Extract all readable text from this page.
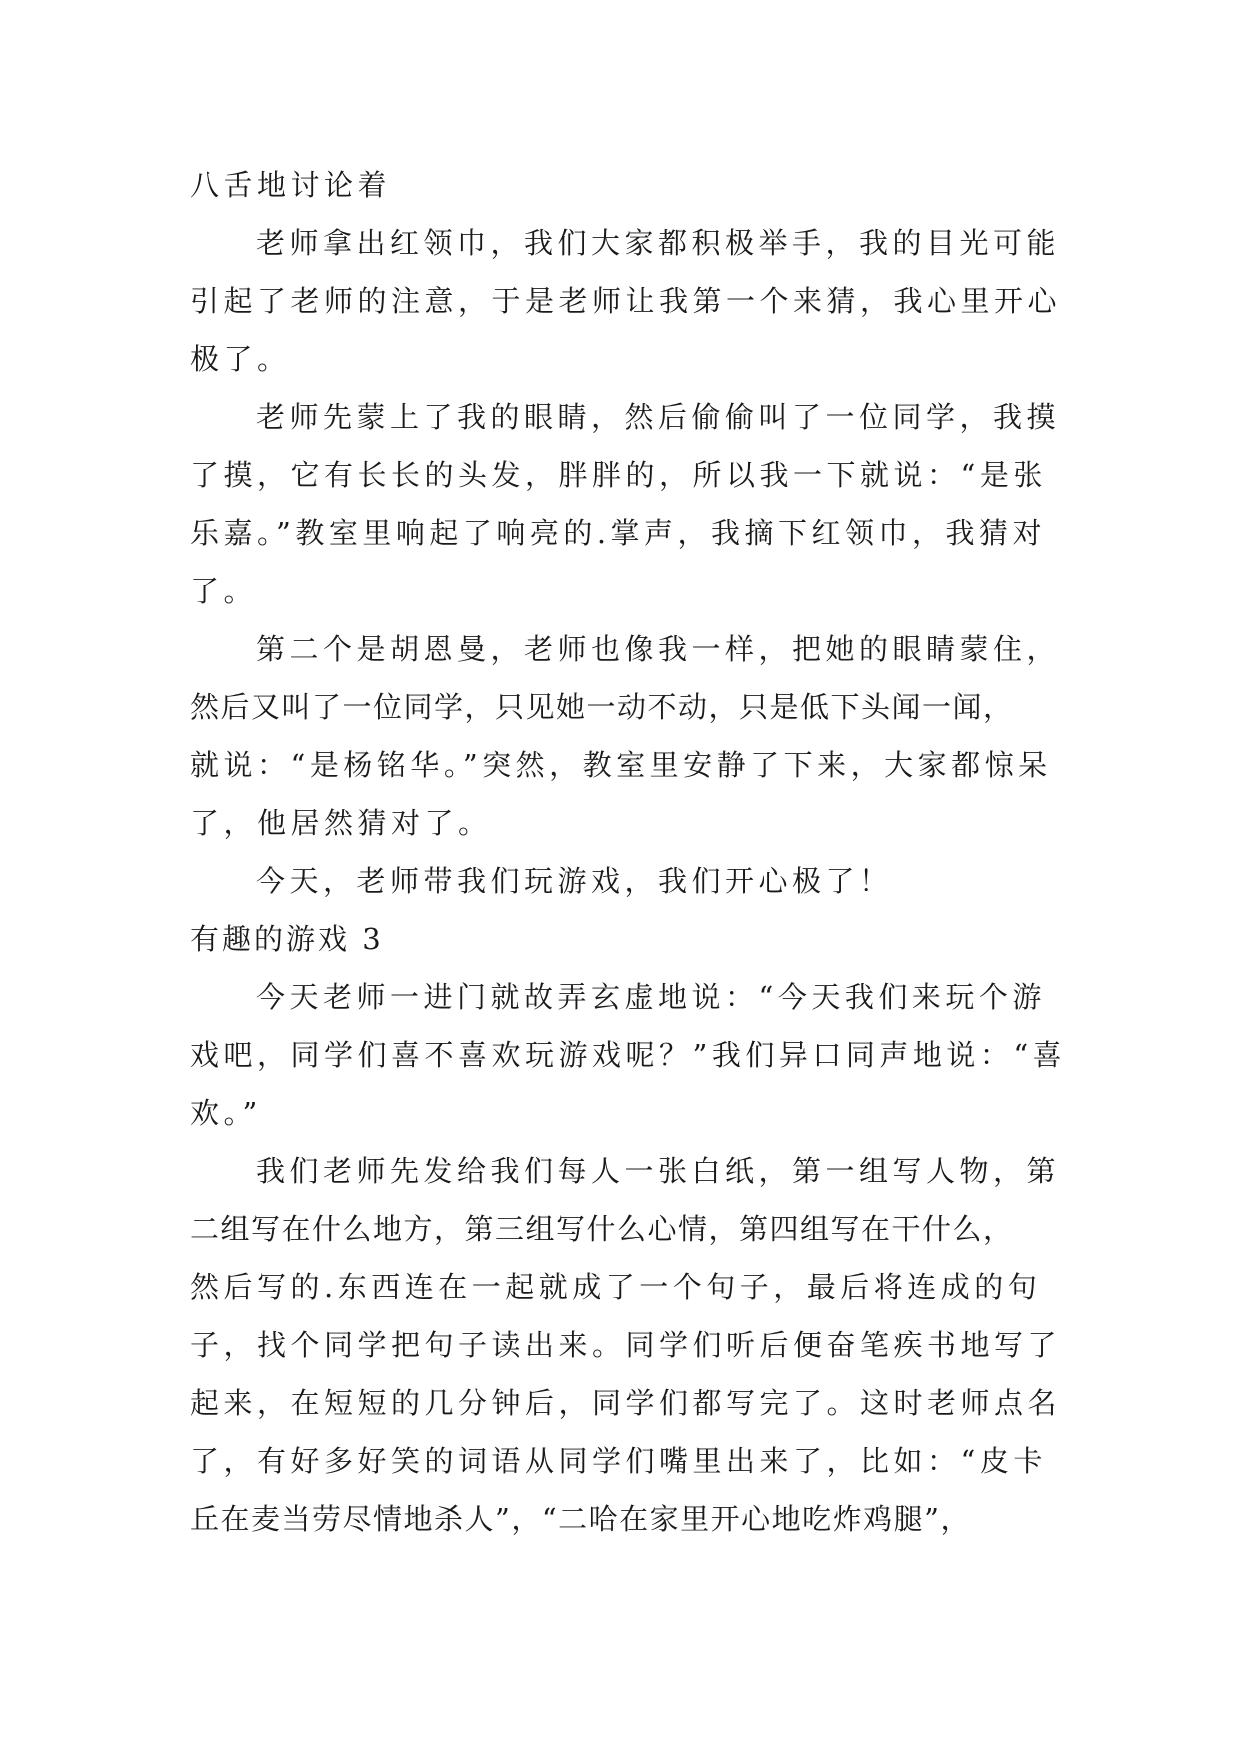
八舌地讨论着
老师拿出红领巾，我们大家都积极举手，我的目光可能
引起了老师的注意，于是老师让我第一个来猜，我心里开心
极了。
老师先蒙上了我的眼睛，然后偷偷叫了一位同学，我摸
了摸，它有长长的头发，胖胖的，所以我一下就说：“是张
乐嘉。”教室里响起了响亮的.掌声，我摘下红领巾，我猜对
了。
第二个是胡恩曼，老师也像我一样，把她的眼睛蒙住，
然后又叫了一位同学，只见她一动不动，只是低下头闻一闻，
就说：“是杨铭华。”突然，教室里安静了下来，大家都惊呆
了，他居然猜对了。
今天，老师带我们玩游戏，我们开心极了！
有趣的游戏 3
今天老师一进门就故弄玄虚地说：“今天我们来玩个游
戏吧，同学们喜不喜欢玩游戏呢？”我们异口同声地说：“喜
欢。”
我们老师先发给我们每人一张白纸，第一组写人物，第
二组写在什么地方，第三组写什么心情，第四组写在干什么，
然后写的.东西连在一起就成了一个句子，最后将连成的句
子，找个同学把句子读出来。同学们听后便奋笔疾书地写了
起来，在短短的几分钟后，同学们都写完了。这时老师点名
了，有好多好笑的词语从同学们嘴里出来了，比如：“皮卡
丘在麦当劳尽情地杀人”，“二哈在家里开心地吃炸鸡腿”，
